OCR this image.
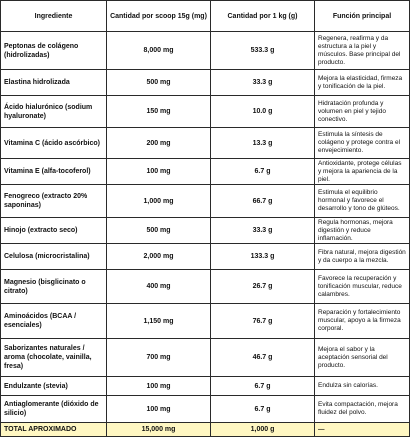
Ingrediente	Cantidad por scoop 15g (mg)	Cantidad por 1 kg (g)	Función principal
Peptonas de colágeno (hidrolizadas)	8,000 mg	533.3 g	Regenera, reafirma y da estructura a la piel y músculos. Base principal del producto.
Elastina hidrolizada	500 mg	33.3 g	Mejora la elasticidad, firmeza y tonificación de la piel.
Ácido hialurónico (sodium hyaluronate)	150 mg	10.0 g	Hidratación profunda y volumen en piel y tejido conectivo.
Vitamina C (ácido ascórbico)	200 mg	13.3 g	Estimula la síntesis de colágeno y protege contra el envejecimiento.
Vitamina E (alfa-tocoferol)	100 mg	6.7 g	Antioxidante, protege células y mejora la apariencia de la piel.
Fenogreco (extracto 20% saponinas)	1,000 mg	66.7 g	Estimula el equilibrio hormonal y favorece el desarrollo y tono de glúteos.
Hinojo (extracto seco)	500 mg	33.3 g	Regula hormonas, mejora digestión y reduce inflamación.
Celulosa (microcristalina)	2,000 mg	133.3 g	Fibra natural, mejora digestión y da cuerpo a la mezcla.
Magnesio (bisglicinato o citrato)	400 mg	26.7 g	Favorece la recuperación y tonificación muscular, reduce calambres.
Aminoácidos (BCAA / esenciales)	1,150 mg	76.7 g	Reparación y fortalecimiento muscular, apoyo a la firmeza corporal.
Saborizantes naturales / aroma (chocolate, vainilla, fresa)	700 mg	46.7 g	Mejora el sabor y la aceptación sensorial del producto.
Endulzante (stevia)	100 mg	6.7 g	Endulza sin calorías.
Antiaglomerante (dióxido de silicio)	100 mg	6.7 g	Evita compactación, mejora fluidez del polvo.
TOTAL APROXIMADO	15,000 mg	1,000 g	—
